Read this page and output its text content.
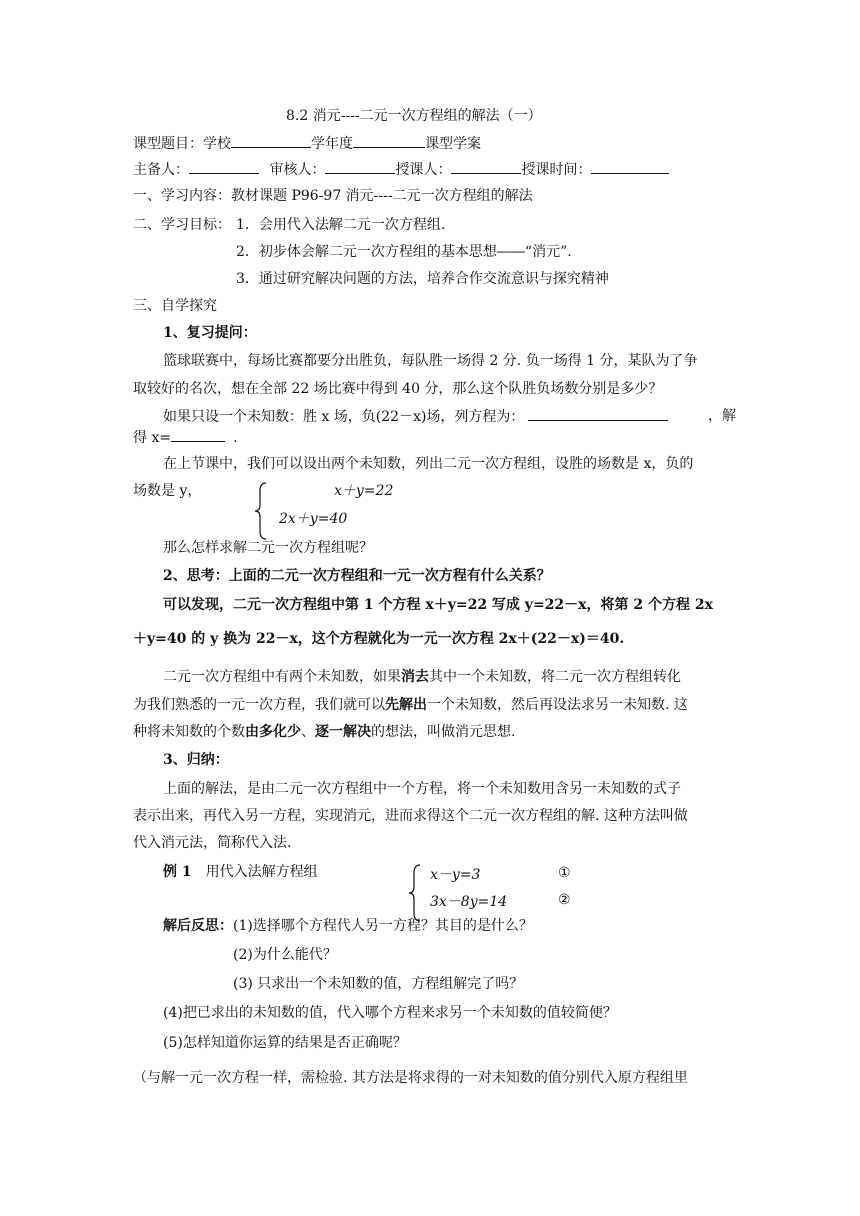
8.2 消元----二元一次方程组的解法（一）
课型题目：学校	学年度	课型学案
主备人：	审核人：	授课人：	授课时间：
一、学习内容：教材课题 P96-97 消元----二元一次方程组的解法
二、学习目标： 1．会用代入法解二元一次方程组.
2．初步体会解二元一次方程组的基本思想――“消元”.
3．通过研究解决问题的方法，培养合作交流意识与探究精神
三、自学探究
1、复习提问：
篮球联赛中，每场比赛都要分出胜负，每队胜一场得 2 分. 负一场得 1 分，某队为了争
取较好的名次，想在全部 22 场比赛中得到 40 分，那么这个队胜负场数分别是多少？
如果只设一个未知数：胜 x 场，负(22－x)场，列方程为：	，解
得 x=	.
在上节课中，我们可以设出两个未知数，列出二元一次方程组，设胜的场数是 x，负的
场数是 y，	x＋y=22
2x＋y=40
那么怎样求解二元一次方程组呢？
2、思考：上面的二元一次方程组和一元一次方程有什么关系？
可以发现，二元一次方程组中第 1 个方程 x＋y=22 写成 y=22－x，将第 2 个方程 2x
＋y=40 的 y 换为 22－x，这个方程就化为一元一次方程 2x＋(22－x)＝40.
二元一次方程组中有两个未知数，如果消去其中一个未知数，将二元一次方程组转化
为我们熟悉的一元一次方程，我们就可以先解出一个未知数，然后再设法求另一未知数. 这
种将未知数的个数由多化少、逐一解决的想法，叫做消元思想.
3、归纳：
上面的解法，是由二元一次方程组中一个方程，将一个未知数用含另一未知数的式子
表示出来，再代入另一方程，实现消元，进而求得这个二元一次方程组的解. 这种方法叫做
代入消元法，简称代入法.
例 1 用代入法解方程组	x－y=3	①
3x－8y=14	②
解后反思：(1)选择哪个方程代人另一方程？其目的是什么？
(2)为什么能代？
(3) 只求出一个未知数的值，方程组解完了吗？
(4)把已求出的未知数的值，代入哪个方程来求另一个未知数的值较简便？
(5)怎样知道你运算的结果是否正确呢？
（与解一元一次方程一样，需检验. 其方法是将求得的一对未知数的值分别代入原方程组里
